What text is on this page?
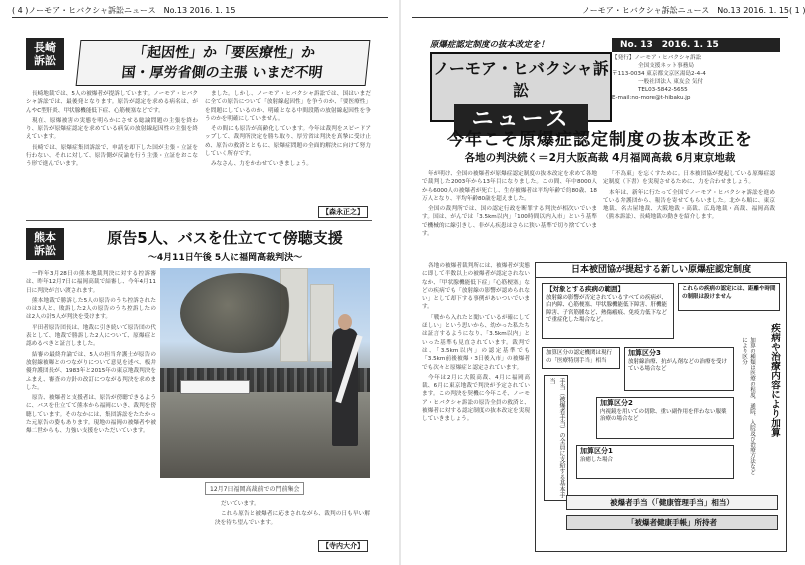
( 4 ) ノーモア・ヒバクシャ訴訟ニュース　No.13 2016. 1. 15
長崎
訴訟	「起因性」か「要医療性」か
国・厚労省側の主張 いまだ不明

長崎地裁では、5人の被爆者が提訴しています。ノーモア・ヒバクシャ訴訟では、最後発となります。原告が認定を求める病名は、がんやC型肝炎、甲状腺機能低下症、心筋梗塞などです。

現在、原爆被害の実態を明らかにさせる総論問題の主張を終わり、原告が原爆症認定を求めている病気の放射線起因性の主張を終えています。

長崎では、原爆症集団訴訟で、申請を却下した国が主張・立証を行わない、それに対して、原告側が反論を行う主張・立証をおこなう形で進んでいます。

ました。しかし、ノーモア・ヒバクシャ訴訟では、国はいまだに全ての原告について「放射線起因性」を争うのか、「要医療性」を問題にしているのか、明確となる中間段階の放射線起因性を争うのかを明確にしていません。

その間にも原告が高齢化しています。今年は裁判をスピードアップして、裁判所決定を勝ち取り、厚労省は判決を真摯に受け止め、原告の救済とともに、原爆症問題の全面的解決に向けて努力していく所存です。

みなさん、力をかわせていきましょう。

【森永正之】
熊本
訴訟
原告5人、バスを仕立てて傍聴支援
～4月11日午後 5人に福岡高裁判決～

一昨年3月28日の熊本地裁判決に対する控訴審は、昨年12月7日に福岡高裁で結審し、今年4月11日に判決が言い渡されます。

熊本地裁で勝訴した5人の原告のうち控訴されたのは3人と、敗訴した2人の原告のうち控訴したのは2人の計5人が判決を受けます。

平田者原告団長は、地裁に引き続いて原告団の代表として、地裁で勝訴した2人について、原爆症と認めるべきと証言しました。

結審の最終弁論では、5人の担当弁護士が原告の放射線被曝とのつながりについて意見を述べ、板井優弁護団長が、1983年と2015年の東京地裁判決をふまえ、審査の方針の改訂につながる判決を求めました。

原告、被爆者と支援者は、原告が傍聴できるように、バスを仕立てて熊本から福岡にいき、裁判を傍聴しています。そのなかには、集団訴訟をたたかった元原告の姿もあります。現地の福岡の被爆者や被爆二世からも、力強い支援をいただいています。

12月7日福岡高裁前での門前集会

だいています。

これら原告と被爆者に応まされながら、裁判の日も早い解決を待ち望んでいます。

【寺内大介】
ノーモア・ヒバクシャ訴訟ニュース　No.13 2016. 1. 15 ( 1 )
原爆症認定制度の抜本改定を！
ノーモア・ヒバクシャ訴訟
ニュース
No. 13　2016. 1. 15
【発行】ノーモア・ヒバクシャ訴訟
全国支援ネット事務局
〒113-0034 東京都文京区湯島2-4-4
一般社団法人 東友会 気付
TEL03-5842-5655
E-mail:no-more@t-hibaku.jp
今年こそ原爆症認定制度の抜本改正を
各地の判決続く＝2月大阪高裁 4月福岡高裁 6月東京地裁

年が明け、全国の被爆者が原爆症認定制度の抜本改定を求めて各地で裁判した2003年から13年目になりました。この間、年中8000人から6000人の被爆者が死亡し、生存被爆者は平均年齢で約80歳、18万人となり、平均年齢80歳を超えました。

全国の裁判所では、国の認定行政を断罪する判決が相次いでいます。国は、がんでは「3.5km以内」「100時間以内入市」という基準で機械的に線引きし、非がん疾患はさらに狭い基準で切り捨てています。

「不為東」を忘くすために。日本被団協が提起している原爆症認定制度（下書）を実現させるために、力を合わせましょう。

本年は、新年に行たって全国でノーモア・ヒバクシャ訴訟を進めている弁護団から、報告を寄せてもらいました。北から順に、東京地裁、名古屋地裁、大阪地裁・高裁、広島地裁・高裁、福岡高裁（熊本訴訟）、長崎地裁の動きを紹介します。

各地の被爆者裁判所には、被爆者が実態に即して半数以上の被爆者が認定されないなか、「甲状腺機能低下症」「心筋梗塞」などの疾病でも「放射線の影響が認められない」として却下する事例があいついでいます。

「戦から入れたと聞いているが確にしてほしい」という思いから、幼かった私たちは証言するようになり、「3.5km以内」といった基準も見直されています。裁判では、「3.5km以内」の認定基準でも「3.5km前後被爆・3日後入市」の被爆者でも次々と原爆症と認定されています。

今年は2月に大阪高裁、4月に福岡高裁、6月に東京地裁で判決が予定されています。この判決を契機に今年こそ、ノーモア・ヒバクシャ訴訟の原告全員の救済と、被爆者に対する認定制度の抜本改定を実現していきましょう。

日本被団協が提起する新しい原爆症認定制度
【対象とする疾病の範囲】
放射線の影響が否定されているすべての疾病が、白内障、心筋梗塞、甲状腺機能低下障害、肝機能障害、子宮筋腫など、熱傷瘢痕、免疫力低下などで重症化した場合など。
これらの疾病の認定には、距離や時間の制限は設けません
加算区分の認定機関は現行の「医療特別手当」相当
手当（被爆者手当）の全員に支給する基本手当
加算区分3
放射線治療、抗がん剤などの治療を受けている場合など
加算区分2
内視鏡を用いての切除、重い副作用を伴わない服薬治療の場合など
加算区分1
治癒した場合
疾病や治療内容により加算
加算の種類は医療の程度、通院、入院及び治療方法などにより区分
被爆者手当（「健康管理手当」相当）
「被爆者健康手帳」所持者
